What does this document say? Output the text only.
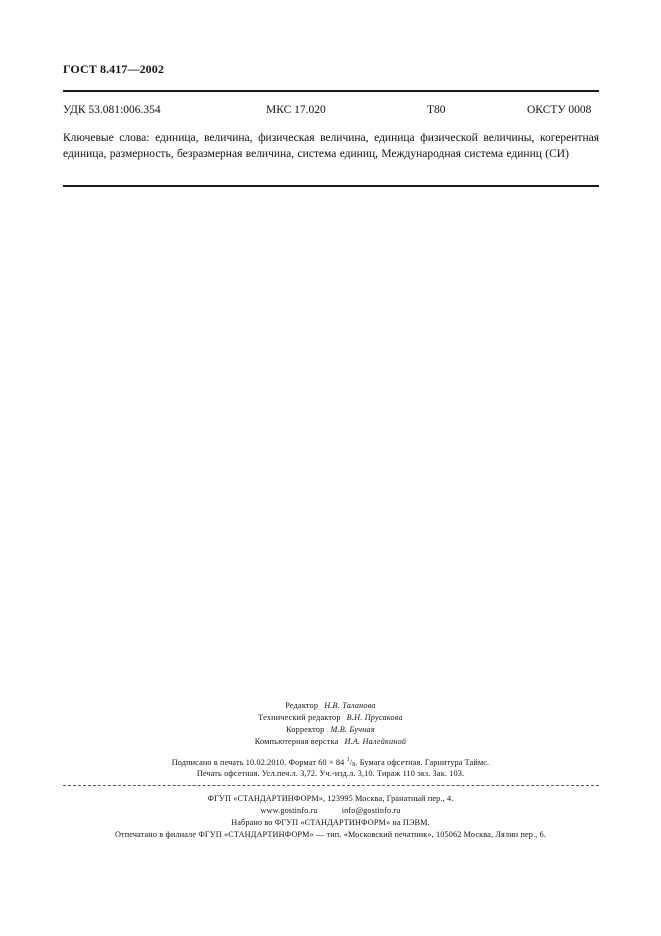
ГОСТ 8.417—2002
УДК 53.081:006.354	МКС 17.020	Т80	ОКСТУ 0008
Ключевые слова: единица, величина, физическая величина, единица физической величины, когерентная единица, размерность, безразмерная величина, система единиц, Международная система единиц (СИ)
Редактор Н.В. Таланова
Технический редактор В.Н. Прусакова
Корректор М.В. Бучная
Компьютерная верстка И.А. Налейкиной
Подписано в печать 10.02.2010. Формат 60 × 84 $^1/_8$. Бумага офсетная. Гарнитура Таймс.
Печать офсетная. Усл.печ.л. 3,72. Уч.-изд.л. 3,10. Тираж 110 экз. Зак. 103.
ФГУП «СТАНДАРТИНФОРМ», 123995 Москва, Гранатный пер., 4.
www.gostinfo.ru	info@gostinfo.ru
Набрано во ФГУП «СТАНДАРТИНФОРМ» на ПЭВМ.
Отпечатано в филиале ФГУП «СТАНДАРТИНФОРМ» — тип. «Московский печатник», 105062 Москва, Лялин пер., 6.
